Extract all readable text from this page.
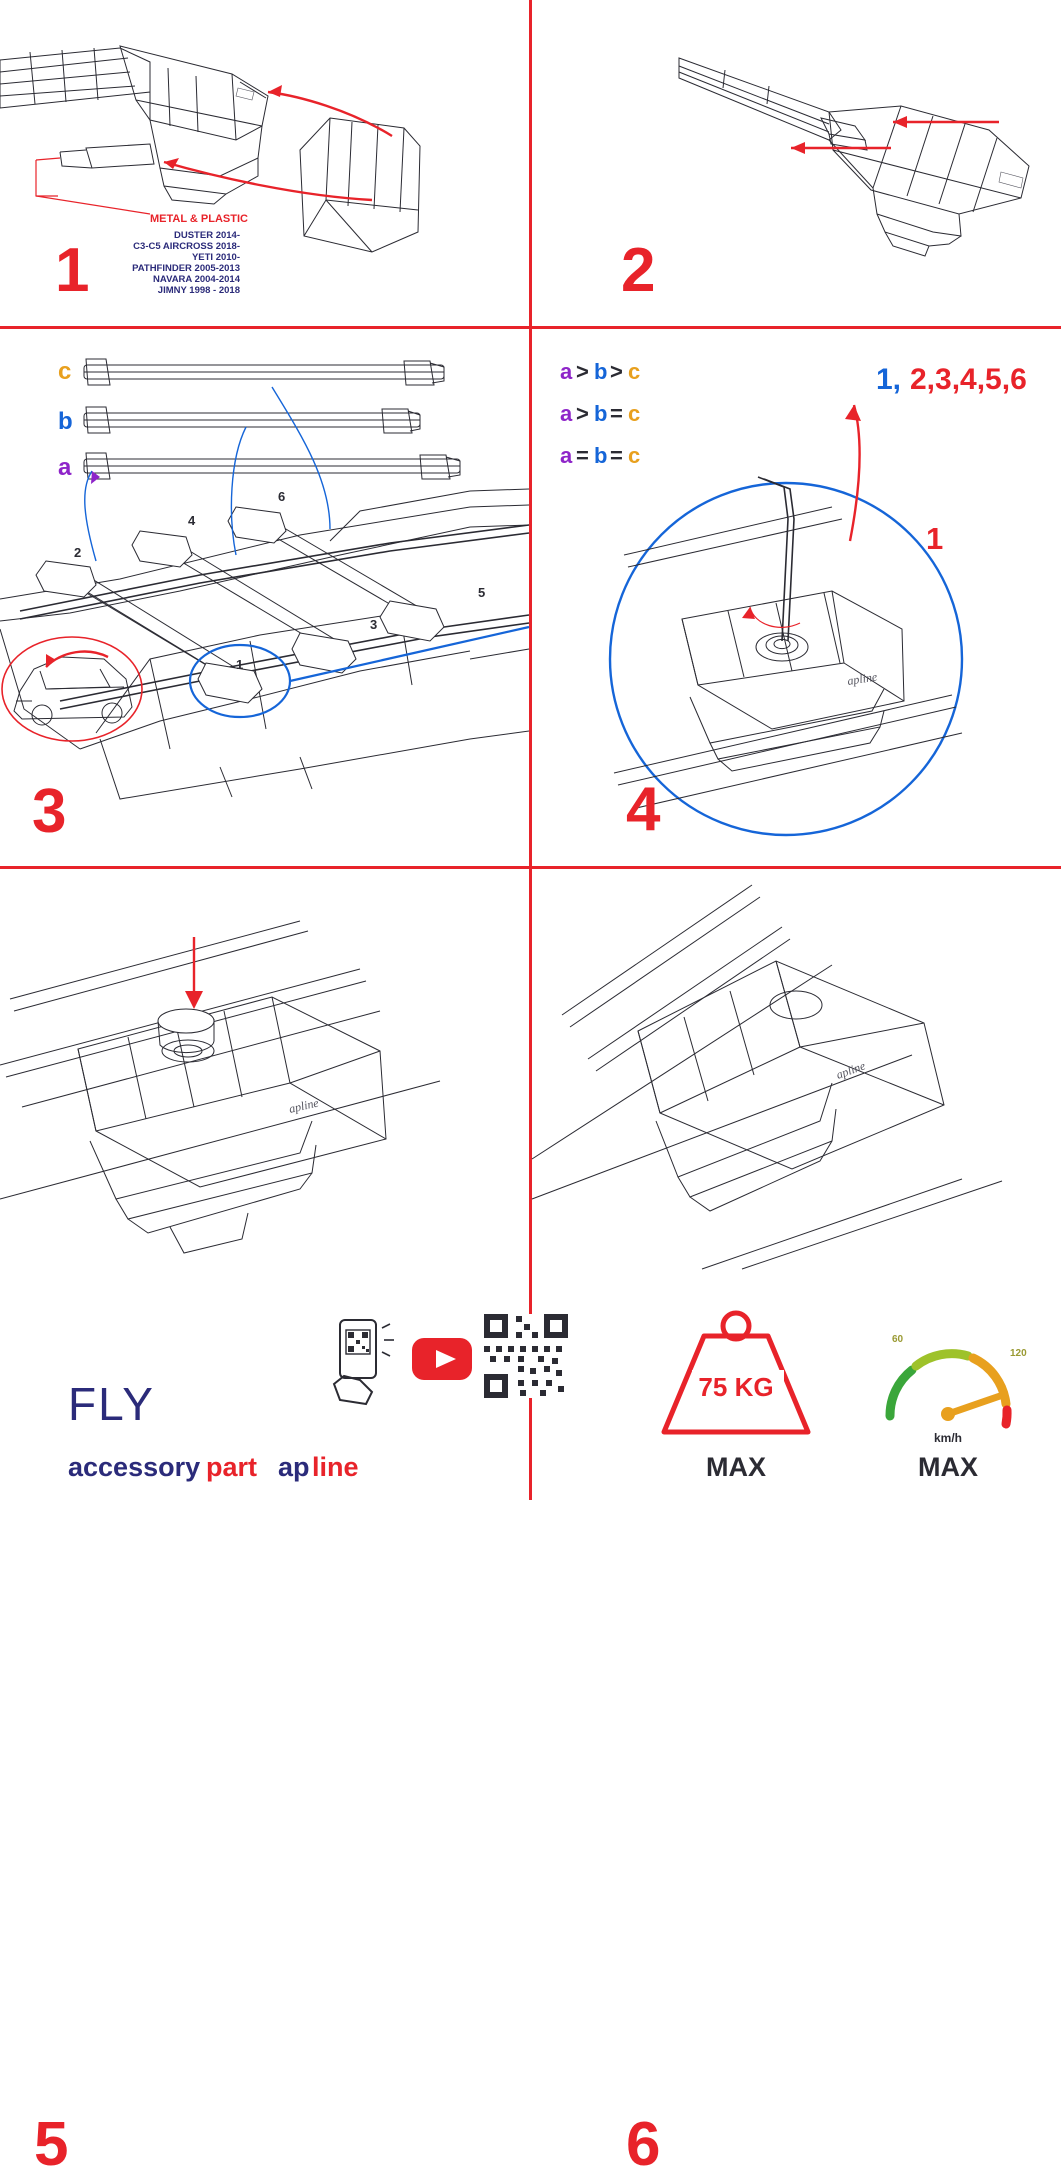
METAL & PLASTIC
DUSTER 2014-
C3-C5 AIRCROSS 2018-
YETI 2010-
PATHFINDER 2005-2013
NAVARA 2004-2014
JIMNY 1998 - 2018
1	2
c
b
a
2
4
6
3
5
1
3
a > b > c
a > b = c
a = b = c
1, 2,3,4,5,6
1
apline
4
apline
5
apline
6
FLY
accessory part ap line
75 KG
MAX
60
120
km/h
MAX
